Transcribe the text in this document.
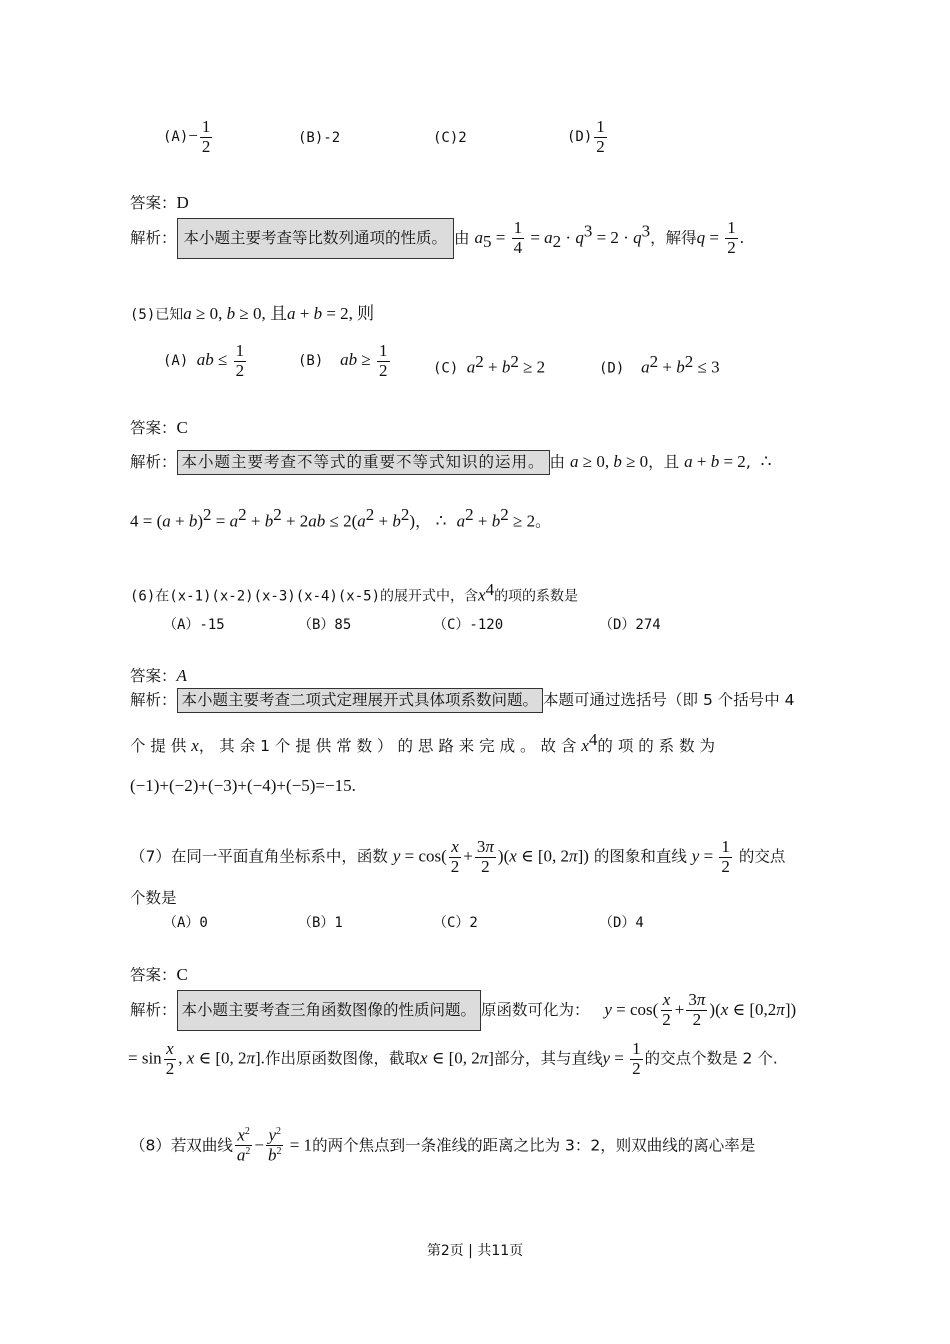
$(A)- \frac{1}{2}$	(B)-2	(C)2	$(D) \frac{1}{2}$
答案：D
解析： 本小题主要考查等比数列通项的性质。 由 $a_5 = \frac{1}{4} = a_2 \cdot q^3 = 2 \cdot q^3$，解得$q = \frac{1}{2}$ .
(5)已知a ≥ 0, b ≥ 0, 且a + b = 2, 则
(A) ab ≤ $\frac{1}{2}$	(B) ab ≥ $\frac{1}{2}$	(C) $a^2 + b^2 \ge 2$	(D) $a^2 + b^2 \le 3$
答案：C
解析： 本小题主要考查不等式的重要不等式知识的运用。 由 a ≥ 0, b ≥ 0，且 a + b = 2,  ∴
$4 = (a + b)^2 = a^2 + b^2 + 2ab \le 2(a^2 + b^2)$， ∴ $a^2 + b^2 \ge 2$。
(6)在(x-1)(x-2)(x-3)(x-4)(x-5)的展开式中，含$x^4$的项的系数是
（A）-15	（B）85	（C）-120	（D）274
答案：A
解析： 本小题主要考查二项式定理展开式具体项系数问题。 本题可通过选括号（即 5 个括号中 4
个 提 供 x， 其 余 1 个 提 供 常 数 ） 的 思 路 来 完 成 。 故 含 $x^4$的 项 的 系 数 为
(−1)+(−2)+(−3)+(−4)+(−5)=−15.
（7）在同一平面直角坐标系中，函数 $y = \cos( \frac{x}{2} + \frac{3\pi}{2} )(x$ ∈ [0, 2π]) 的图象和直线 $y = \frac{1}{2}$ 的交点
个数是
（A）0	（B）1	（C）2	（D）4
答案：C
解析： 本小题主要考查三角函数图像的性质问题。 原函数可化为： $y = \cos( \frac{x}{2} + \frac{3\pi}{2} )(x$ ∈ [0,2π])
= $\sin \frac{x}{2}$ , x ∈ [0, 2π].作出原函数图像，截取x ∈ [0, 2π]部分，其与直线$y = \frac{1}{2}$ 的交点个数是 2 个.
（8）若双曲线 $\frac{x^2}{a^2} - \frac{y^2}{b^2} = 1$的两个焦点到一条准线的距离之比为 3：2，则双曲线的离心率是
第2页 | 共11页
